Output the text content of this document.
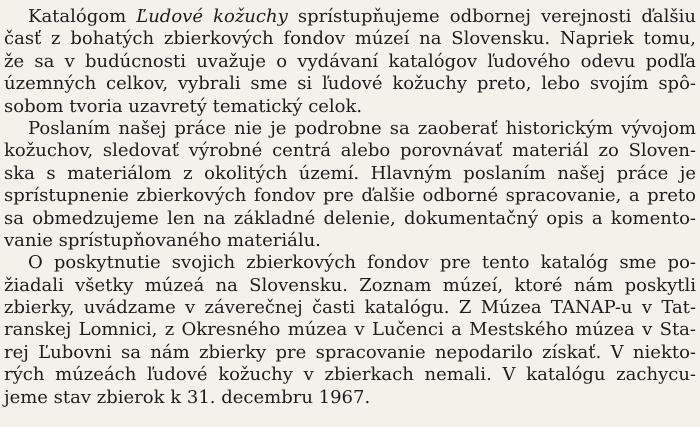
Katalógom Ľudové kožuchy sprístupňujeme odbornej verejnosti ďalšiu
časť z bohatých zbierkových fondov múzeí na Slovensku. Napriek tomu,
že sa v budúcnosti uvažuje o vydávaní katalógov ľudového odevu podľa
územných celkov, vybrali sme si ľudové kožuchy preto, lebo svojím spô-
sobom tvoria uzavretý tematický celok.
Poslaním našej práce nie je podrobne sa zaoberať historickým vývojom
kožuchov, sledovať výrobné centrá alebo porovnávať materiál zo Sloven-
ska s materiálom z okolitých území. Hlavným poslaním našej práce je
sprístupnenie zbierkových fondov pre ďalšie odborné spracovanie, a preto
sa obmedzujeme len na základné delenie, dokumentačný opis a komento-
vanie sprístupňovaného materiálu.
O poskytnutie svojich zbierkových fondov pre tento katalóg sme po-
žiadali všetky múzeá na Slovensku. Zoznam múzeí, ktoré nám poskytli
zbierky, uvádzame v záverečnej časti katalógu. Z Múzea TANAP-u v Tat-
ranskej Lomnici, z Okresného múzea v Lučenci a Mestského múzea v Sta-
rej Ľubovni sa nám zbierky pre spracovanie nepodarilo získať. V niekto-
rých múzeách ľudové kožuchy v zbierkach nemali. V katalógu zachycu-
jeme stav zbierok k 31. decembru 1967.
